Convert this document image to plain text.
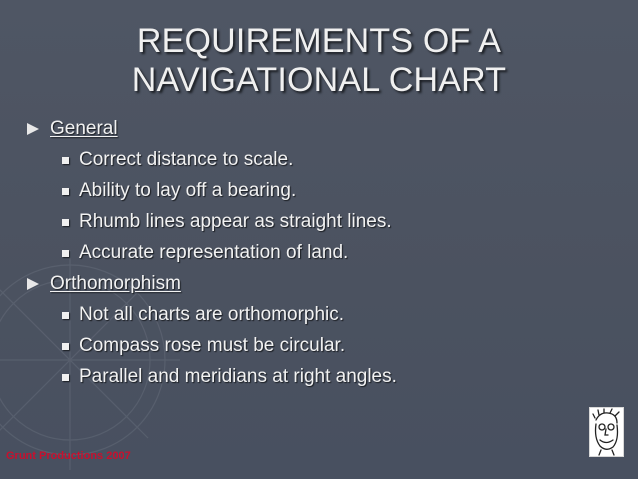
REQUIREMENTS OF A
NAVIGATIONAL CHART
General
Correct distance to scale.
Ability to lay off a bearing.
Rhumb lines appear as straight lines.
Accurate representation of land.
Orthomorphism
Not all charts are orthomorphic.
Compass rose must be circular.
Parallel and meridians at right angles.
Grunt Productions 2007
